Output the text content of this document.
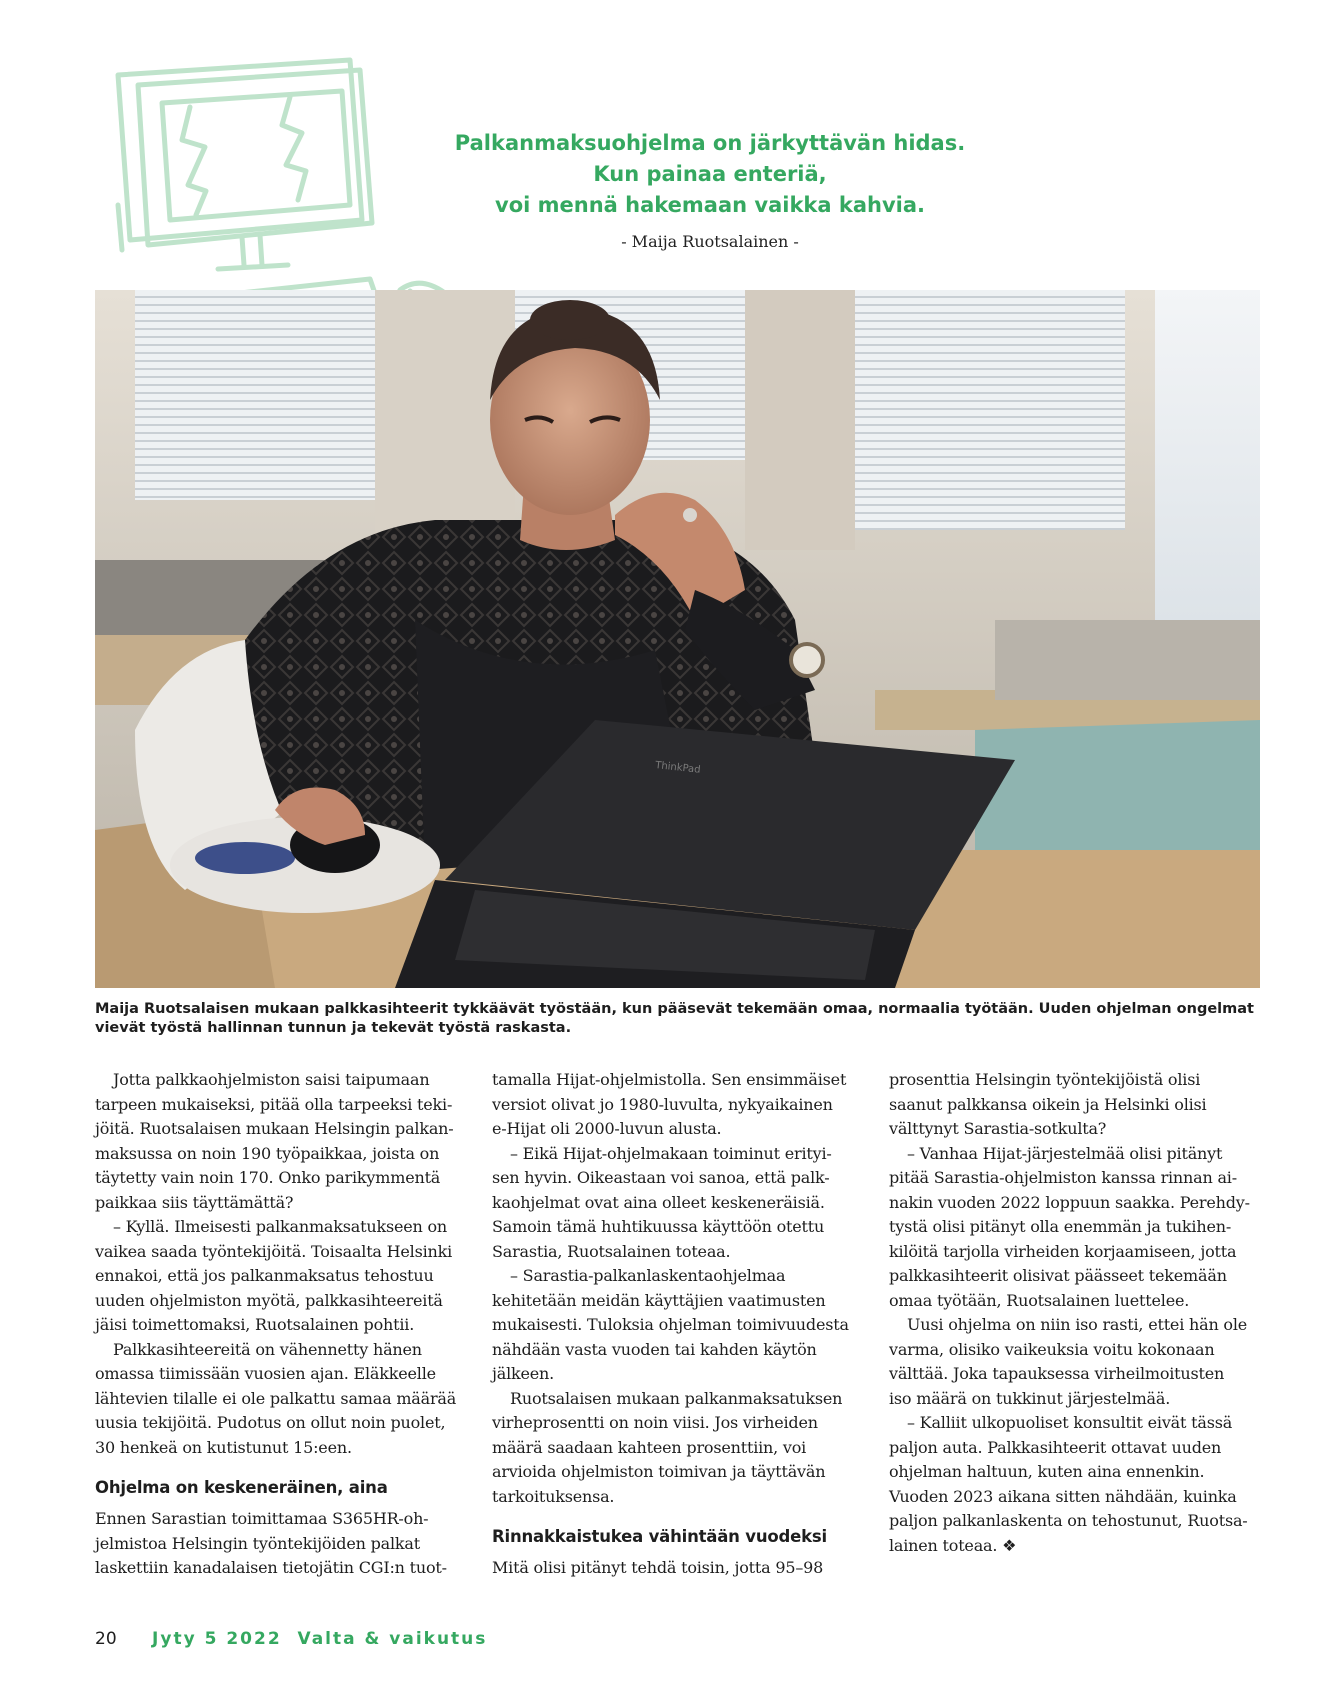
Palkanmaksuohjelma on järkyttävän hidas.
Kun painaa enteriä,
voi mennä hakemaan vaikka kahvia.
- Maija Ruotsalainen -
ThinkPad
Maija Ruotsalaisen mukaan palkkasihteerit tykkäävät työstään, kun pääsevät tekemään omaa, normaalia työtään. Uuden ohjelman ongelmat
vievät työstä hallinnan tunnun ja tekevät työstä raskasta.
Jotta palkkaohjelmiston saisi taipumaan
tarpeen mukaiseksi, pitää olla tarpeeksi teki-
jöitä. Ruotsalaisen mukaan Helsingin palkan-
maksussa on noin 190 työpaikkaa, joista on
täytetty vain noin 170. Onko parikymmentä
paikkaa siis täyttämättä?
– Kyllä. Ilmeisesti palkanmaksatukseen on
vaikea saada työntekijöitä. Toisaalta Helsinki
ennakoi, että jos palkanmaksatus tehostuu
uuden ohjelmiston myötä, palkkasihteereitä
jäisi toimettomaksi, Ruotsalainen pohtii.
Palkkasihteereitä on vähennetty hänen
omassa tiimissään vuosien ajan. Eläkkeelle
lähtevien tilalle ei ole palkattu samaa määrää
uusia tekijöitä. Pudotus on ollut noin puolet,
30 henkeä on kutistunut 15:een.
Ohjelma on keskeneräinen, aina
Ennen Sarastian toimittamaa S365HR-oh-
jelmistoa Helsingin työntekijöiden palkat
laskettiin kanadalaisen tietojätin CGI:n tuot-
tamalla Hijat-ohjelmistolla. Sen ensimmäiset
versiot olivat jo 1980-luvulta, nykyaikainen
e-Hijat oli 2000-luvun alusta.
– Eikä Hijat-ohjelmakaan toiminut erityi-
sen hyvin. Oikeastaan voi sanoa, että palk-
kaohjelmat ovat aina olleet keskeneräisiä.
Samoin tämä huhtikuussa käyttöön otettu
Sarastia, Ruotsalainen toteaa.
– Sarastia-palkanlaskentaohjelmaa
kehitetään meidän käyttäjien vaatimusten
mukaisesti. Tuloksia ohjelman toimivuudesta
nähdään vasta vuoden tai kahden käytön
jälkeen.
Ruotsalaisen mukaan palkanmaksatuksen
virheprosentti on noin viisi. Jos virheiden
määrä saadaan kahteen prosenttiin, voi
arvioida ohjelmiston toimivan ja täyttävän
tarkoituksensa.
Rinnakkaistukea vähintään vuodeksi
Mitä olisi pitänyt tehdä toisin, jotta 95–98
prosenttia Helsingin työntekijöistä olisi
saanut palkkansa oikein ja Helsinki olisi
välttynyt Sarastia-sotkulta?
– Vanhaa Hijat-järjestelmää olisi pitänyt
pitää Sarastia-ohjelmiston kanssa rinnan ai-
nakin vuoden 2022 loppuun saakka. Perehdy-
tystä olisi pitänyt olla enemmän ja tukihen-
kilöitä tarjolla virheiden korjaamiseen, jotta
palkkasihteerit olisivat päässeet tekemään
omaa työtään, Ruotsalainen luettelee.
Uusi ohjelma on niin iso rasti, ettei hän ole
varma, olisiko vaikeuksia voitu kokonaan
välttää. Joka tapauksessa virheilmoitusten
iso määrä on tukkinut järjestelmää.
– Kalliit ulkopuoliset konsultit eivät tässä
paljon auta. Palkkasihteerit ottavat uuden
ohjelman haltuun, kuten aina ennenkin.
Vuoden 2023 aikana sitten nähdään, kuinka
paljon palkanlaskenta on tehostunut, Ruotsa-
lainen toteaa. ❖
20 Jyty 5 2022  Valta & vaikutus
